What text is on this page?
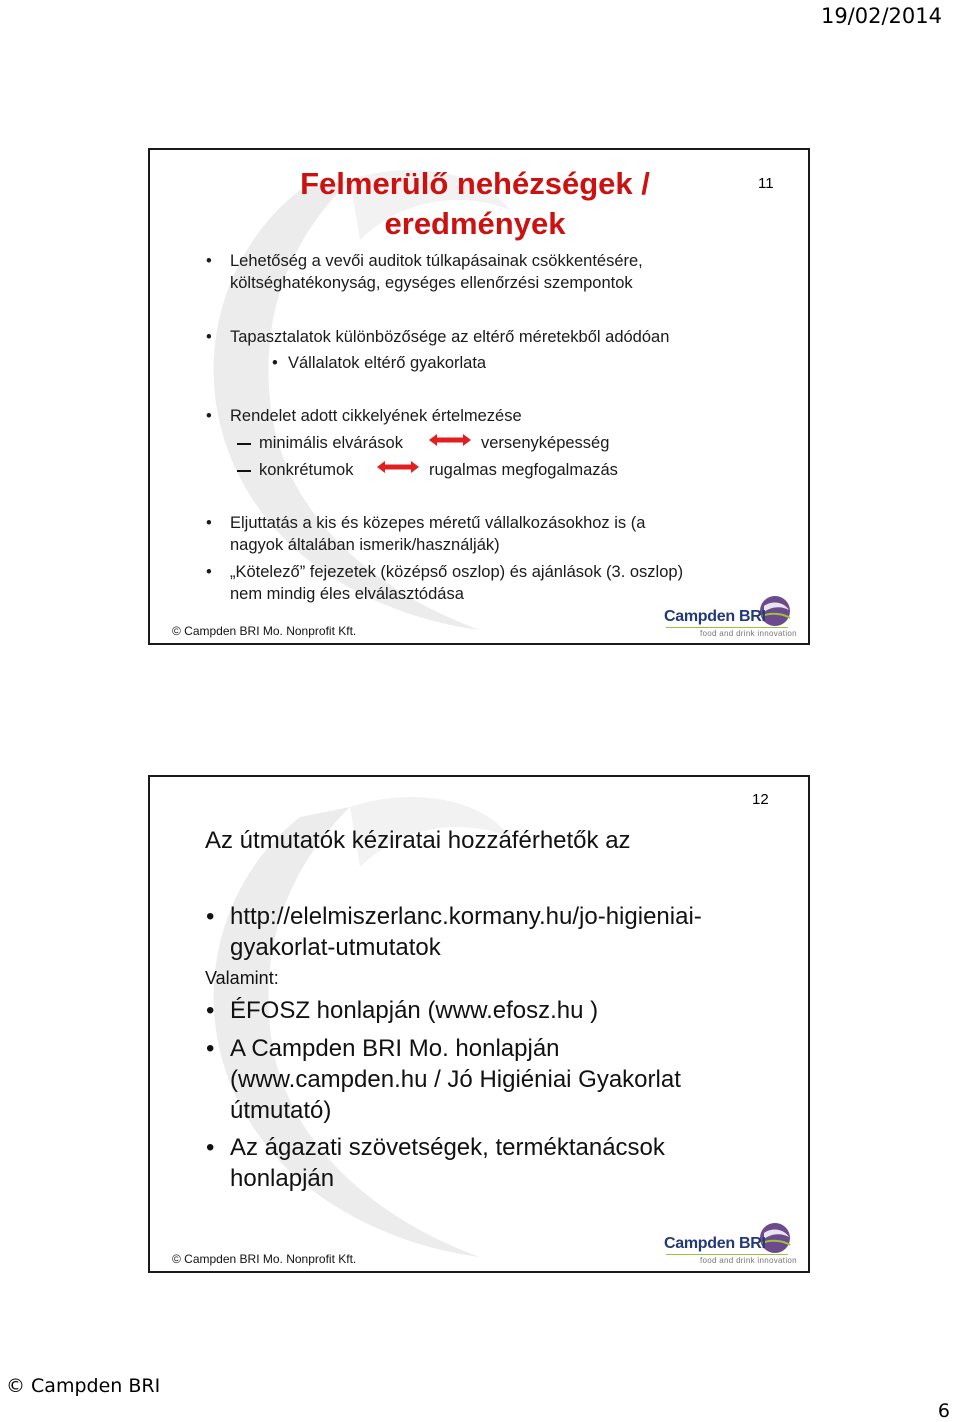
19/02/2014
Felmerülő nehézségek /
eredmények
11
• Lehetőség a vevői auditok túlkapásainak csökkentésére,
költséghatékonyság, egységes ellenőrzési szempontok
• Tapasztalatok különbözősége az eltérő méretekből adódóan
• Vállalatok eltérő gyakorlata
• Rendelet adott cikkelyének értelmezése
minimális elvárások	versenyképesség
konkrétumok	rugalmas megfogalmazás
• Eljuttatás a kis és közepes méretű vállalkozásokhoz is (a
nagyok általában ismerik/használják)
• „Kötelező” fejezetek (középső oszlop) és ajánlások (3. oszlop)
nem mindig éles elválasztódása
© Campden BRI Mo. Nonprofit Kft.
Campden BRI
food and drink innovation
12
Az útmutatók kéziratai hozzáférhetők az
• http://elelmiszerlanc.kormany.hu/jo-higieniai-
gyakorlat-utmutatok
Valamint:
• ÉFOSZ honlapján (www.efosz.hu )
• A Campden BRI Mo. honlapján
(www.campden.hu / Jó Higiéniai Gyakorlat
útmutató)
• Az ágazati szövetségek, terméktanácsok
honlapján
© Campden BRI Mo. Nonprofit Kft.
Campden BRI
food and drink innovation
© Campden BRI
6
